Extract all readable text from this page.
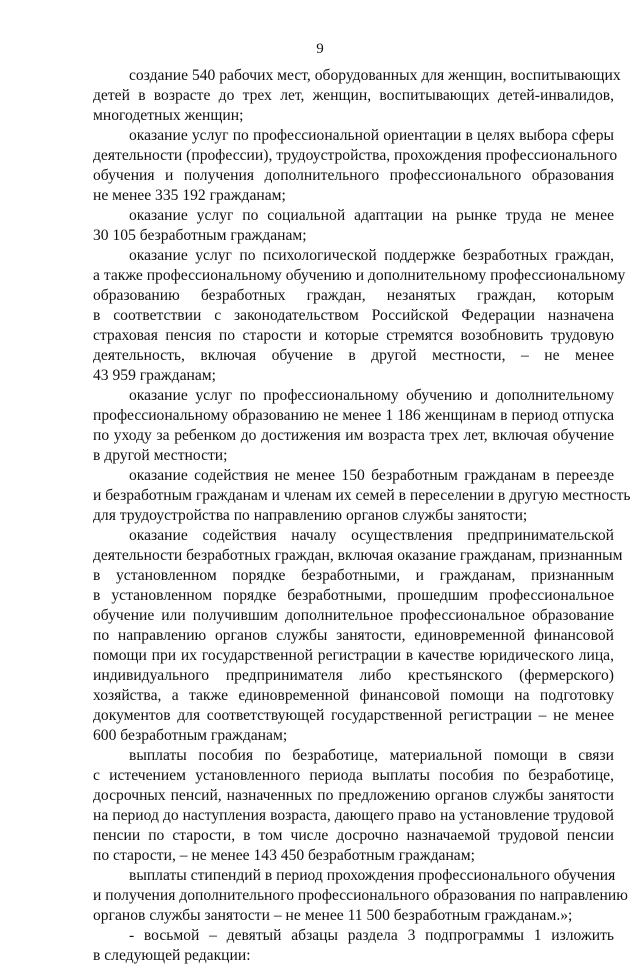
9
создание 540 рабочих мест, оборудованных для женщин, воспитывающих
детей в возрасте до трех лет, женщин, воспитывающих детей-инвалидов,
многодетных женщин;
оказание услуг по профессиональной ориентации в целях выбора сферы
деятельности (профессии), трудоустройства, прохождения профессионального
обучения и получения дополнительного профессионального образования
не менее 335 192 гражданам;
оказание услуг по социальной адаптации на рынке труда не менее
30 105 безработным гражданам;
оказание услуг по психологической поддержке безработных граждан,
а также профессиональному обучению и дополнительному профессиональному
образованию безработных граждан, незанятых граждан, которым
в соответствии с законодательством Российской Федерации назначена
страховая пенсия по старости и которые стремятся возобновить трудовую
деятельность, включая обучение в другой местности, – не менее
43 959 гражданам;
оказание услуг по профессиональному обучению и дополнительному
профессиональному образованию не менее 1 186 женщинам в период отпуска
по уходу за ребенком до достижения им возраста трех лет, включая обучение
в другой местности;
оказание содействия не менее 150 безработным гражданам в переезде
и безработным гражданам и членам их семей в переселении в другую местность
для трудоустройства по направлению органов службы занятости;
оказание содействия началу осуществления предпринимательской
деятельности безработных граждан, включая оказание гражданам, признанным
в установленном порядке безработными, и гражданам, признанным
в установленном порядке безработными, прошедшим профессиональное
обучение или получившим дополнительное профессиональное образование
по направлению органов службы занятости, единовременной финансовой
помощи при их государственной регистрации в качестве юридического лица,
индивидуального предпринимателя либо крестьянского (фермерского)
хозяйства, а также единовременной финансовой помощи на подготовку
документов для соответствующей государственной регистрации – не менее
600 безработным гражданам;
выплаты пособия по безработице, материальной помощи в связи
с истечением установленного периода выплаты пособия по безработице,
досрочных пенсий, назначенных по предложению органов службы занятости
на период до наступления возраста, дающего право на установление трудовой
пенсии по старости, в том числе досрочно назначаемой трудовой пенсии
по старости, – не менее 143 450 безработным гражданам;
выплаты стипендий в период прохождения профессионального обучения
и получения дополнительного профессионального образования по направлению
органов службы занятости – не менее 11 500 безработным гражданам.»;
- восьмой – девятый абзацы раздела 3 подпрограммы 1 изложить
в следующей редакции:
